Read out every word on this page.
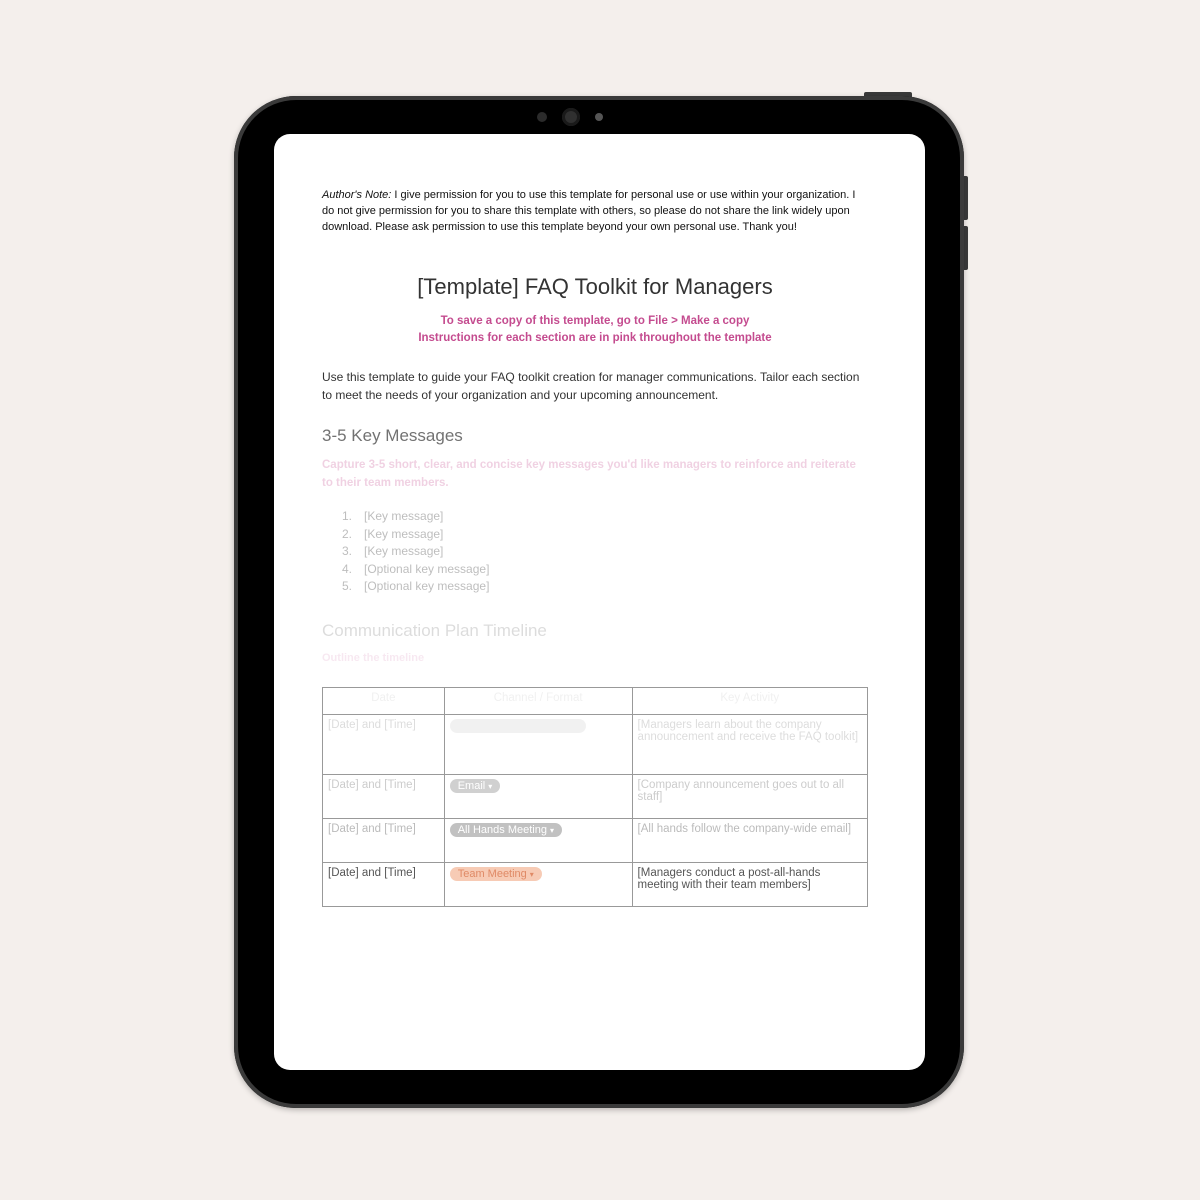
Author's Note: I give permission for you to use this template for personal use or use within your organization. I do not give permission for you to share this template with others, so please do not share the link widely upon download. Please ask permission to use this template beyond your own personal use. Thank you!
[Template] FAQ Toolkit for Managers
To save a copy of this template, go to File > Make a copy
Instructions for each section are in pink throughout the template
Use this template to guide your FAQ toolkit creation for manager communications. Tailor each section to meet the needs of your organization and your upcoming announcement.
3-5 Key Messages
Capture 3-5 short, clear, and concise key messages you'd like managers to reinforce and reiterate to their team members.
1. [Key message]
2. [Key message]
3. [Key message]
4. [Optional key message]
5. [Optional key message]
Communication Plan Timeline
Outline the timeline
Date	Channel / Format	Key Activity
[Date] and [Time]		[Managers learn about the company announcement and receive the FAQ toolkit]
[Date] and [Time]	Email ▾	[Company announcement goes out to all staff]
[Date] and [Time]	All Hands Meeting ▾	[All hands follow the company-wide email]
[Date] and [Time]	Team Meeting ▾	[Managers conduct a post-all-hands meeting with their team members]
